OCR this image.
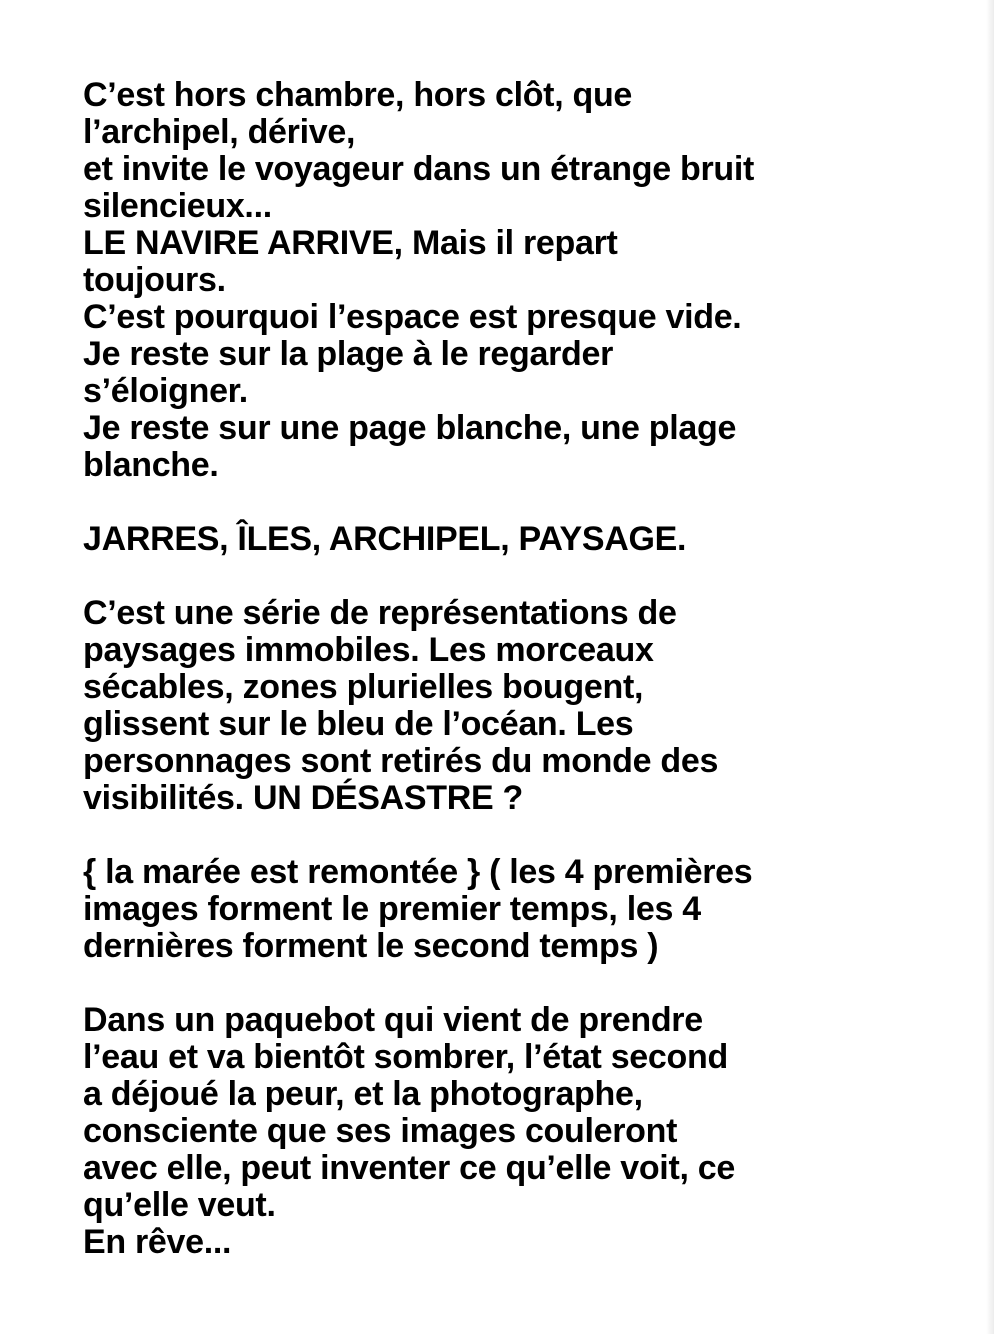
C’est hors chambre, hors clôt, que
l’archipel, dérive,
et invite le voyageur dans un étrange bruit
silencieux...
LE NAVIRE ARRIVE, Mais il repart
toujours.
C’est pourquoi l’espace est presque vide.
Je reste sur la plage à le regarder
s’éloigner.
Je reste sur une page blanche, une plage
blanche.
JARRES, ÎLES, ARCHIPEL, PAYSAGE.
C’est une série de représentations de
paysages immobiles. Les morceaux
sécables, zones plurielles bougent,
glissent sur le bleu de l’océan. Les
personnages sont retirés du monde des
visibilités. UN DÉSASTRE ?
{ la marée est remontée } ( les 4 premières
images forment le premier temps, les 4
dernières forment le second temps )
Dans un paquebot qui vient de prendre
l’eau et va bientôt sombrer, l’état second
a déjoué la peur, et la photographe,
consciente que ses images couleront
avec elle, peut inventer ce qu’elle voit, ce
qu’elle veut.
En rêve...
